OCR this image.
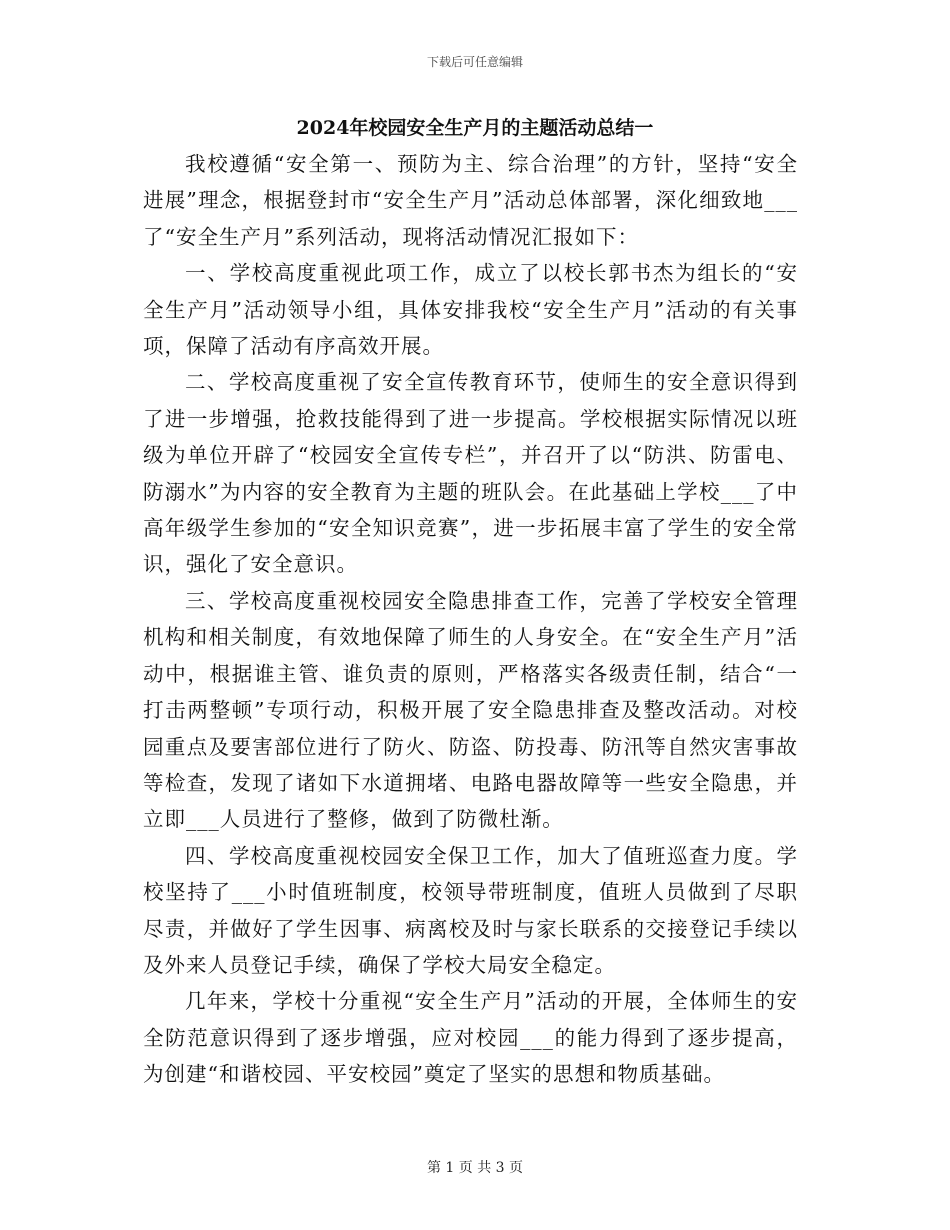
下载后可任意编辑
2024年校园安全生产月的主题活动总结一

我校遵循“安全第一、预防为主、综合治理”的方针，坚持“安全进展”理念，根据登封市“安全生产月”活动总体部署，深化细致地___了“安全生产月”系列活动，现将活动情况汇报如下：

一、学校高度重视此项工作，成立了以校长郭书杰为组长的“安全生产月”活动领导小组，具体安排我校“安全生产月”活动的有关事项，保障了活动有序高效开展。

二、学校高度重视了安全宣传教育环节，使师生的安全意识得到了进一步增强，抢救技能得到了进一步提高。学校根据实际情况以班级为单位开辟了“校园安全宣传专栏”，并召开了以“防洪、防雷电、防溺水”为内容的安全教育为主题的班队会。在此基础上学校___了中高年级学生参加的“安全知识竞赛”，进一步拓展丰富了学生的安全常识，强化了安全意识。

三、学校高度重视校园安全隐患排查工作，完善了学校安全管理机构和相关制度，有效地保障了师生的人身安全。在“安全生产月”活动中，根据谁主管、谁负责的原则，严格落实各级责任制，结合“一打击两整顿”专项行动，积极开展了安全隐患排查及整改活动。对校园重点及要害部位进行了防火、防盗、防投毒、防汛等自然灾害事故等检查，发现了诸如下水道拥堵、电路电器故障等一些安全隐患，并立即___人员进行了整修，做到了防微杜渐。

四、学校高度重视校园安全保卫工作，加大了值班巡查力度。学校坚持了___小时值班制度，校领导带班制度，值班人员做到了尽职尽责，并做好了学生因事、病离校及时与家长联系的交接登记手续以及外来人员登记手续，确保了学校大局安全稳定。

几年来，学校十分重视“安全生产月”活动的开展，全体师生的安全防范意识得到了逐步增强，应对校园___的能力得到了逐步提高，为创建“和谐校园、平安校园”奠定了坚实的思想和物质基础。

第 1 页 共 3 页
